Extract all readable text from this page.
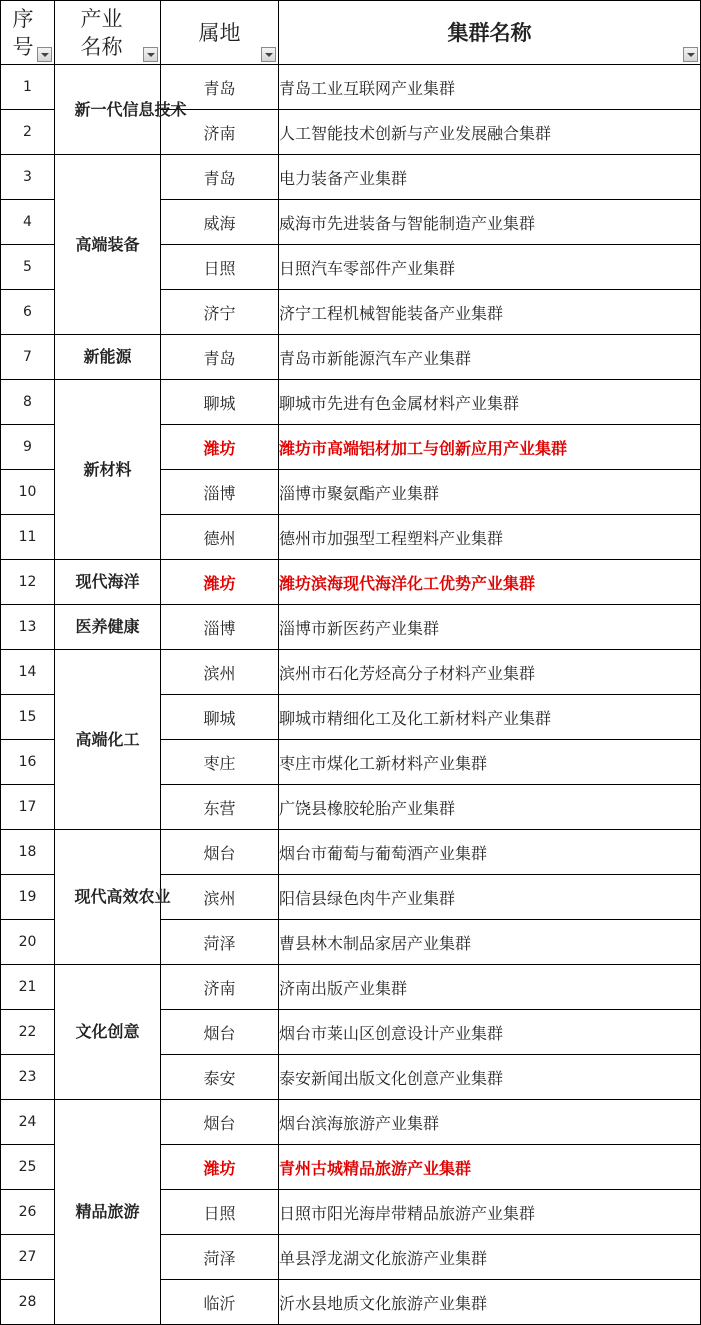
序号	产业名称	属地	集群名称

1	新一代信息技术	青岛	青岛工业互联网产业集群
2		济南	人工智能技术创新与产业发展融合集群
3	高端装备	青岛	电力装备产业集群
4		威海	威海市先进装备与智能制造产业集群
5		日照	日照汽车零部件产业集群
6		济宁	济宁工程机械智能装备产业集群
7	新能源	青岛	青岛市新能源汽车产业集群
8	新材料	聊城	聊城市先进有色金属材料产业集群
9		潍坊	潍坊市高端铝材加工与创新应用产业集群
10		淄博	淄博市聚氨酯产业集群
11		德州	德州市加强型工程塑料产业集群
12	现代海洋	潍坊	潍坊滨海现代海洋化工优势产业集群
13	医养健康	淄博	淄博市新医药产业集群
14	高端化工	滨州	滨州市石化芳烃高分子材料产业集群
15		聊城	聊城市精细化工及化工新材料产业集群
16		枣庄	枣庄市煤化工新材料产业集群
17		东营	广饶县橡胶轮胎产业集群
18	现代高效农业	烟台	烟台市葡萄与葡萄酒产业集群
19		滨州	阳信县绿色肉牛产业集群
20		菏泽	曹县林木制品家居产业集群
21	文化创意	济南	济南出版产业集群
22		烟台	烟台市莱山区创意设计产业集群
23		泰安	泰安新闻出版文化创意产业集群
24	精品旅游	烟台	烟台滨海旅游产业集群
25		潍坊	青州古城精品旅游产业集群
26		日照	日照市阳光海岸带精品旅游产业集群
27		菏泽	单县浮龙湖文化旅游产业集群
28		临沂	沂水县地质文化旅游产业集群
